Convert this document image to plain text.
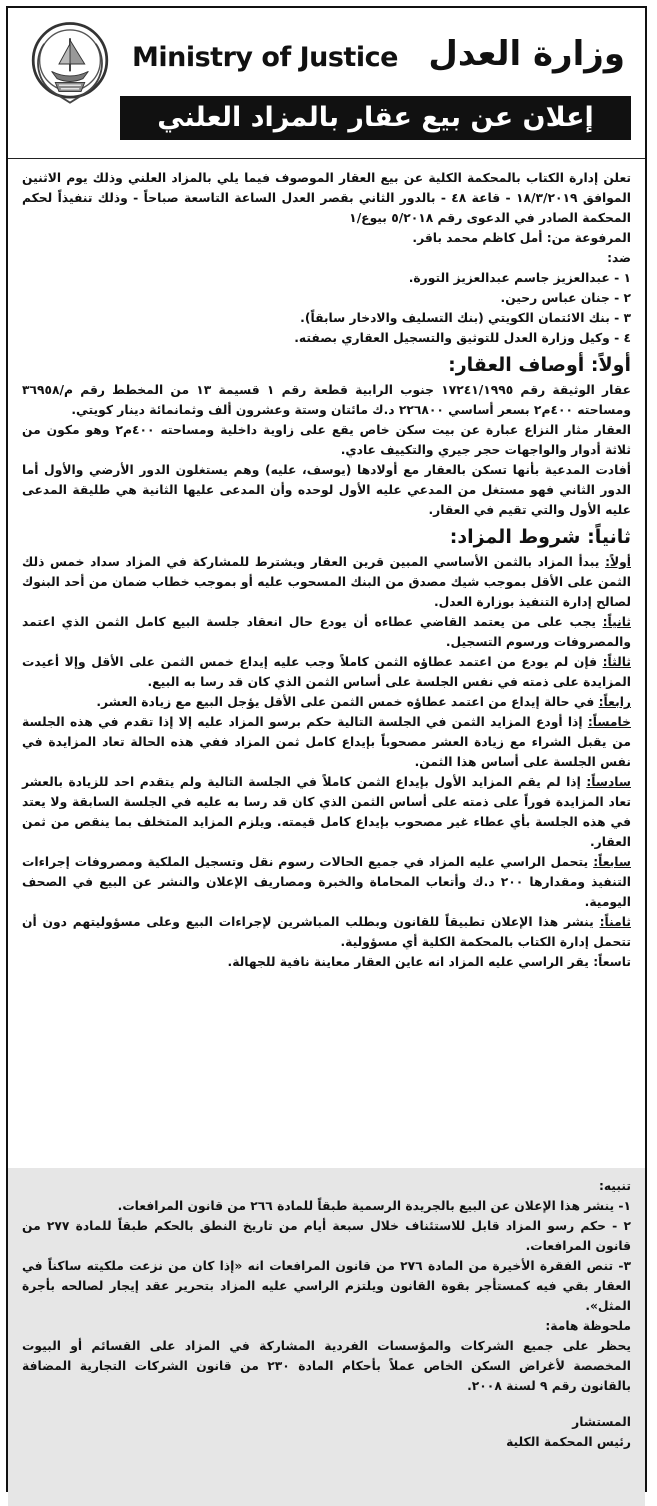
Ministry of Justice وزارة العدل
إعلان عن بيع عقار بالمزاد العلني

تعلن إدارة الكتاب بالمحكمة الكلية عن بيع العقار الموصوف فيما يلي بالمزاد العلني وذلك يوم الاثنين الموافق ١٨/٣/٢٠١٩ - قاعة ٤٨ - بالدور الثاني بقصر العدل الساعة التاسعة صباحاً - وذلك تنفيذاً لحكم المحكمة الصادر في الدعوى رقم ٥/٢٠١٨ بيوع/١

المرفوعة من: أمل كاظم محمد باقر.

ضد:

١ - عبدالعزيز جاسم عبدالعزيز التورة.

٢ - جنان عباس رحين.

٣ - بنك الائتمان الكويتي (بنك التسليف والادخار سابقاً).

٤ - وكيل وزارة العدل للتوثيق والتسجيل العقاري بصفته.

أولاً: أوصاف العقار:

عقار الوثيقة رقم ١٧٢٤١/١٩٩٥ جنوب الرابية قطعة رقم ١ قسيمة ١٣ من المخطط رقم م/٣٦٩٥٨ ومساحته ٤٠٠م٢ بسعر أساسي ٢٢٦٨٠٠ د.ك مائتان وستة وعشرون ألف وثمانمائة دينار كويتي.

العقار مثار النزاع عبارة عن بيت سكن خاص يقع على زاوية داخلية ومساحته ٤٠٠م٢ وهو مكون من ثلاثة أدوار والواجهات حجر جيري والتكييف عادي.

أفادت المدعية بأنها تسكن بالعقار مع أولادها (يوسف، عليه) وهم يستغلون الدور الأرضي والأول أما الدور الثاني فهو مستغل من المدعي عليه الأول لوحده وأن المدعى عليها الثانية هي طليقة المدعى عليه الأول والتي تقيم في العقار.

ثانياً: شروط المزاد:

أولاً: يبدأ المزاد بالثمن الأساسي المبين قرين العقار ويشترط للمشاركة في المزاد سداد خمس ذلك الثمن على الأقل بموجب شيك مصدق من البنك المسحوب عليه أو بموجب خطاب ضمان من أحد البنوك لصالح إدارة التنفيذ بوزارة العدل.

ثانياً: يجب على من يعتمد القاضي عطاءه أن يودع حال انعقاد جلسة البيع كامل الثمن الذي اعتمد والمصروفات ورسوم التسجيل.

ثالثاً: فإن لم يودع من اعتمد عطاؤه الثمن كاملاً وجب عليه إيداع خمس الثمن على الأقل وإلا أعيدت المزايدة على ذمته في نفس الجلسة على أساس الثمن الذي كان قد رسا به البيع.

رابعاً: في حالة إيداع من اعتمد عطاؤه خمس الثمن على الأقل يؤجل البيع مع زيادة العشر.

خامساً: إذا أودع المزايد الثمن في الجلسة التالية حكم برسو المزاد عليه إلا إذا تقدم في هذه الجلسة من يقبل الشراء مع زيادة العشر مصحوباً بإيداع كامل ثمن المزاد ففي هذه الحالة تعاد المزايدة في نفس الجلسة على أساس هذا الثمن.

سادساً: إذا لم يقم المزايد الأول بإيداع الثمن كاملاً في الجلسة التالية ولم يتقدم احد للزيادة بالعشر تعاد المزايدة فوراً على ذمته على أساس الثمن الذي كان قد رسا به عليه في الجلسة السابقة ولا يعتد في هذه الجلسة بأي عطاء غير مصحوب بإيداع كامل قيمته. ويلزم المزايد المتخلف بما ينقص من ثمن العقار.

سابعاً: يتحمل الراسي عليه المزاد في جميع الحالات رسوم نقل وتسجيل الملكية ومصروفات إجراءات التنفيذ ومقدارها ٢٠٠ د.ك وأتعاب المحاماة والخبرة ومصاريف الإعلان والنشر عن البيع في الصحف اليومية.

ثامناً: ينشر هذا الإعلان تطبيقاً للقانون وبطلب المباشرين لإجراءات البيع وعلى مسؤوليتهم دون أن تتحمل إدارة الكتاب بالمحكمة الكلية أي مسؤولية.

تاسعاً: يقر الراسي عليه المزاد انه عاين العقار معاينة نافية للجهالة.

تنبيه:

١- ينشر هذا الإعلان عن البيع بالجريدة الرسمية طبقاً للمادة ٢٦٦ من قانون المرافعات.

٢ - حكم رسو المزاد قابل للاستئناف خلال سبعة أيام من تاريخ النطق بالحكم طبقاً للمادة ٢٧٧ من قانون المرافعات.

٣- تنص الفقرة الأخيرة من المادة ٢٧٦ من قانون المرافعات انه «إذا كان من نزعت ملكيته ساكناً في العقار بقي فيه كمستأجر بقوة القانون ويلتزم الراسي عليه المزاد بتحرير عقد إيجار لصالحه بأجرة المثل».

ملحوظة هامة:

يحظر على جميع الشركات والمؤسسات الفردية المشاركة في المزاد على القسائم أو البيوت المخصصة لأغراض السكن الخاص عملاً بأحكام المادة ٢٣٠ من قانون الشركات التجارية المضافة بالقانون رقم ٩ لسنة ٢٠٠٨.

المستشار

رئيس المحكمة الكلية
